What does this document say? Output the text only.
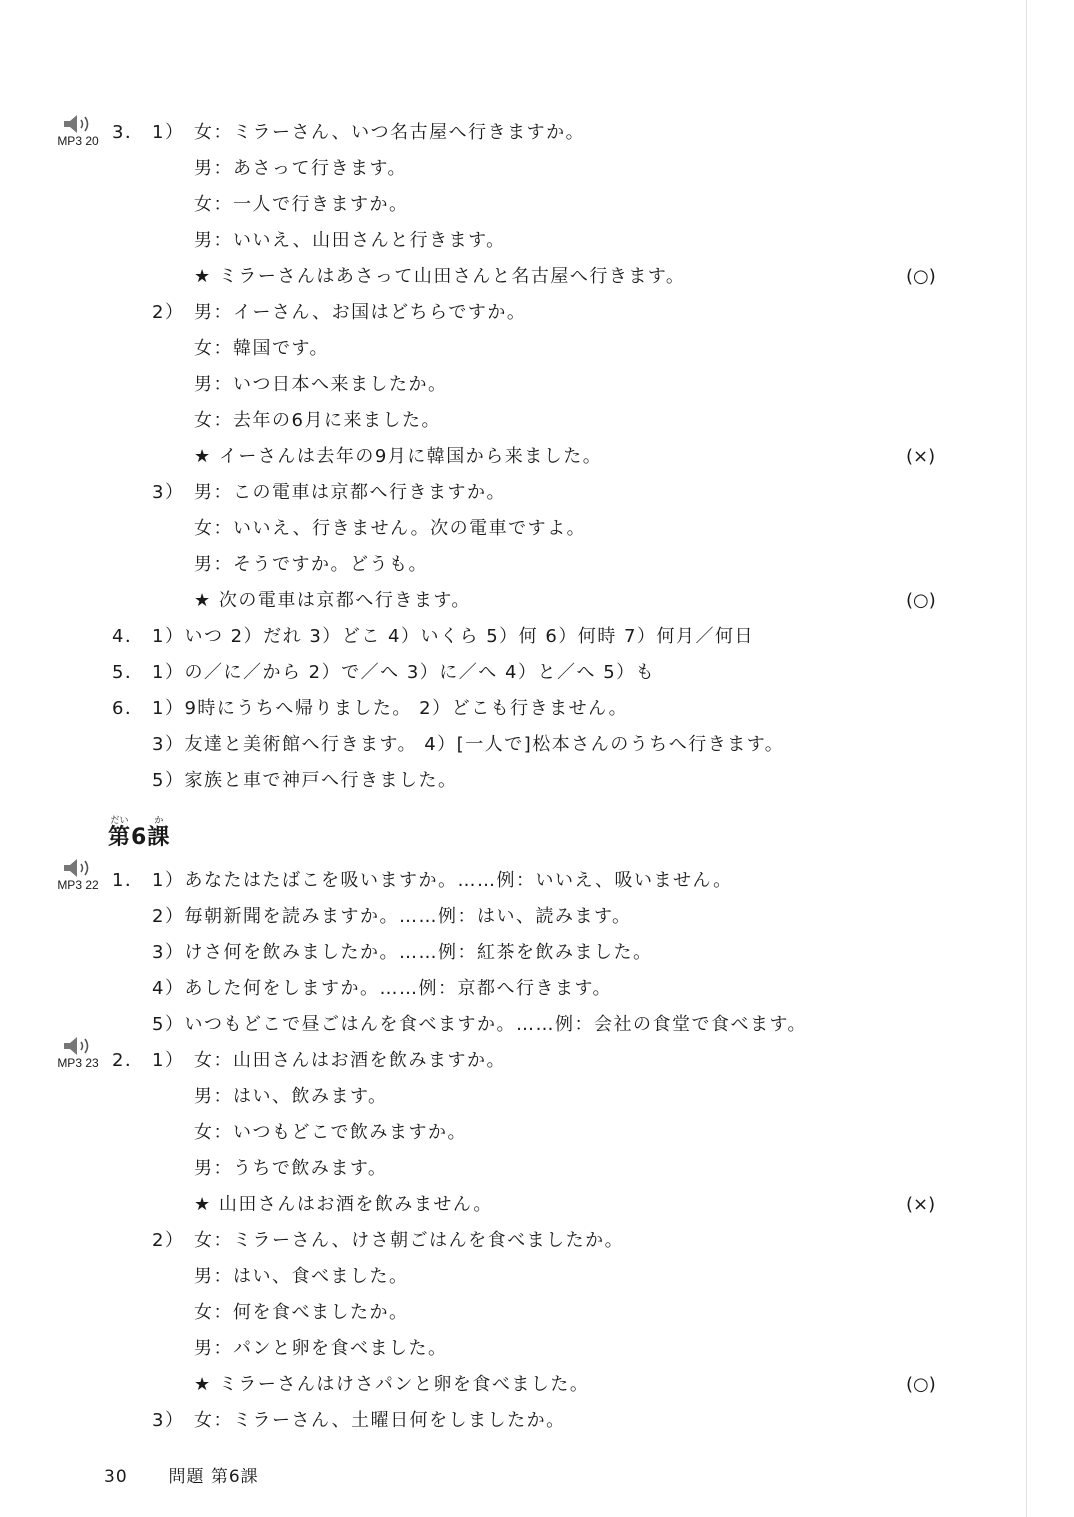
MP3 20
MP3 22
MP3 23
3． 1） 女：ミラーさん、いつ名古屋へ行きますか。
男：あさって行きます。
女：一人で行きますか。
男：いいえ、山田さんと行きます。
★ ミラーさんはあさって山田さんと名古屋へ行きます。	(○)
2） 男：イーさん、お国はどちらですか。
女：韓国です。
男：いつ日本へ来ましたか。
女：去年の6月に来ました。
★ イーさんは去年の9月に韓国から来ました。	(×)
3） 男：この電車は京都へ行きますか。
女：いいえ、行きません。次の電車ですよ。
男：そうですか。どうも。
★ 次の電車は京都へ行きます。	(○)
4． 1）いつ 2）だれ 3）どこ 4）いくら 5）何 6）何時 7）何月／何日
5． 1）の／に／から 2）で／へ 3）に／へ 4）と／へ 5）も
6． 1）9時にうちへ帰りました。 2）どこも行きません。
3）友達と美術館へ行きます。 4）[一人で]松本さんのうちへ行きます。
5）家族と車で神戸へ行きました。
第だい6課か
1． 1）あなたはたばこを吸いますか。……例：いいえ、吸いません。
2）毎朝新聞を読みますか。……例：はい、読みます。
3）けさ何を飲みましたか。……例：紅茶を飲みました。
4）あした何をしますか。……例：京都へ行きます。
5）いつもどこで昼ごはんを食べますか。……例：会社の食堂で食べます。
2． 1） 女：山田さんはお酒を飲みますか。
男：はい、飲みます。
女：いつもどこで飲みますか。
男：うちで飲みます。
★ 山田さんはお酒を飲みません。	(×)
2） 女：ミラーさん、けさ朝ごはんを食べましたか。
男：はい、食べました。
女：何を食べましたか。
男：パンと卵を食べました。
★ ミラーさんはけさパンと卵を食べました。	(○)
3） 女：ミラーさん、土曜日何をしましたか。
30 問題 第6課
